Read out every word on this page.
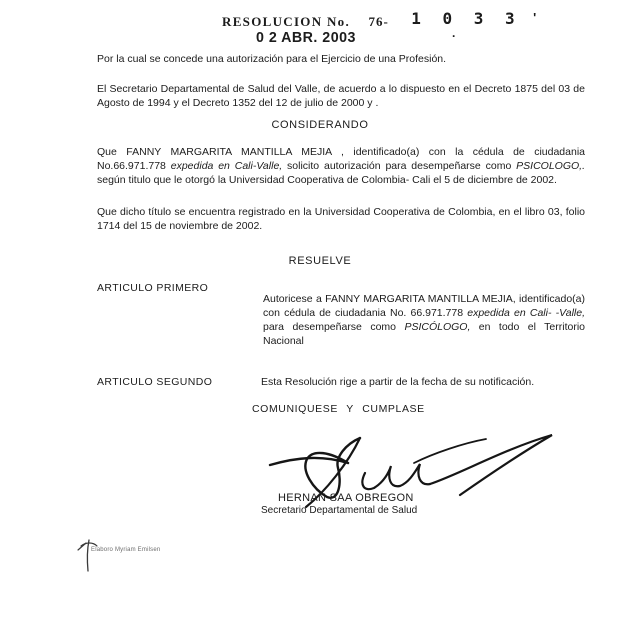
RESOLUCION No. 76- 1 0 3 3 '
.
0 2 ABR. 2003

Por la cual se concede una autorización para el Ejercicio de una Profesión.

El Secretario Departamental de Salud del Valle, de acuerdo a lo dispuesto en el Decreto 1875 del 03 de Agosto de 1994 y el Decreto 1352 del 12 de julio de 2000 y .

CONSIDERANDO

Que FANNY MARGARITA MANTILLA MEJIA , identificado(a) con la cédula de ciudadania No.66.971.778 expedida en Cali-Valle, solicito autorización para desempeñarse como PSICOLOGO,. según titulo que le otorgó la Universidad Cooperativa de Colombia- Cali el 5 de diciembre de 2002.

Que dicho título se encuentra registrado en la Universidad Cooperativa de Colombia, en el libro 03, folio 1714 del 15 de noviembre de 2002.

RESUELVE

ARTICULO PRIMERO

Autoricese a FANNY MARGARITA MANTILLA MEJIA, identificado(a) con cédula de ciudadania No. 66.971.778 expedida en Cali- -Valle, para desempeñarse como PSICÓLOGO, en todo el Territorio Nacional

ARTICULO SEGUNDO	Esta Resolución rige a partir de la fecha de su notificación.

COMUNIQUESE Y CUMPLASE

HERNAN SAA OBREGON

Secretario Departamental de Salud

Elaboro Myriam Emilsen
